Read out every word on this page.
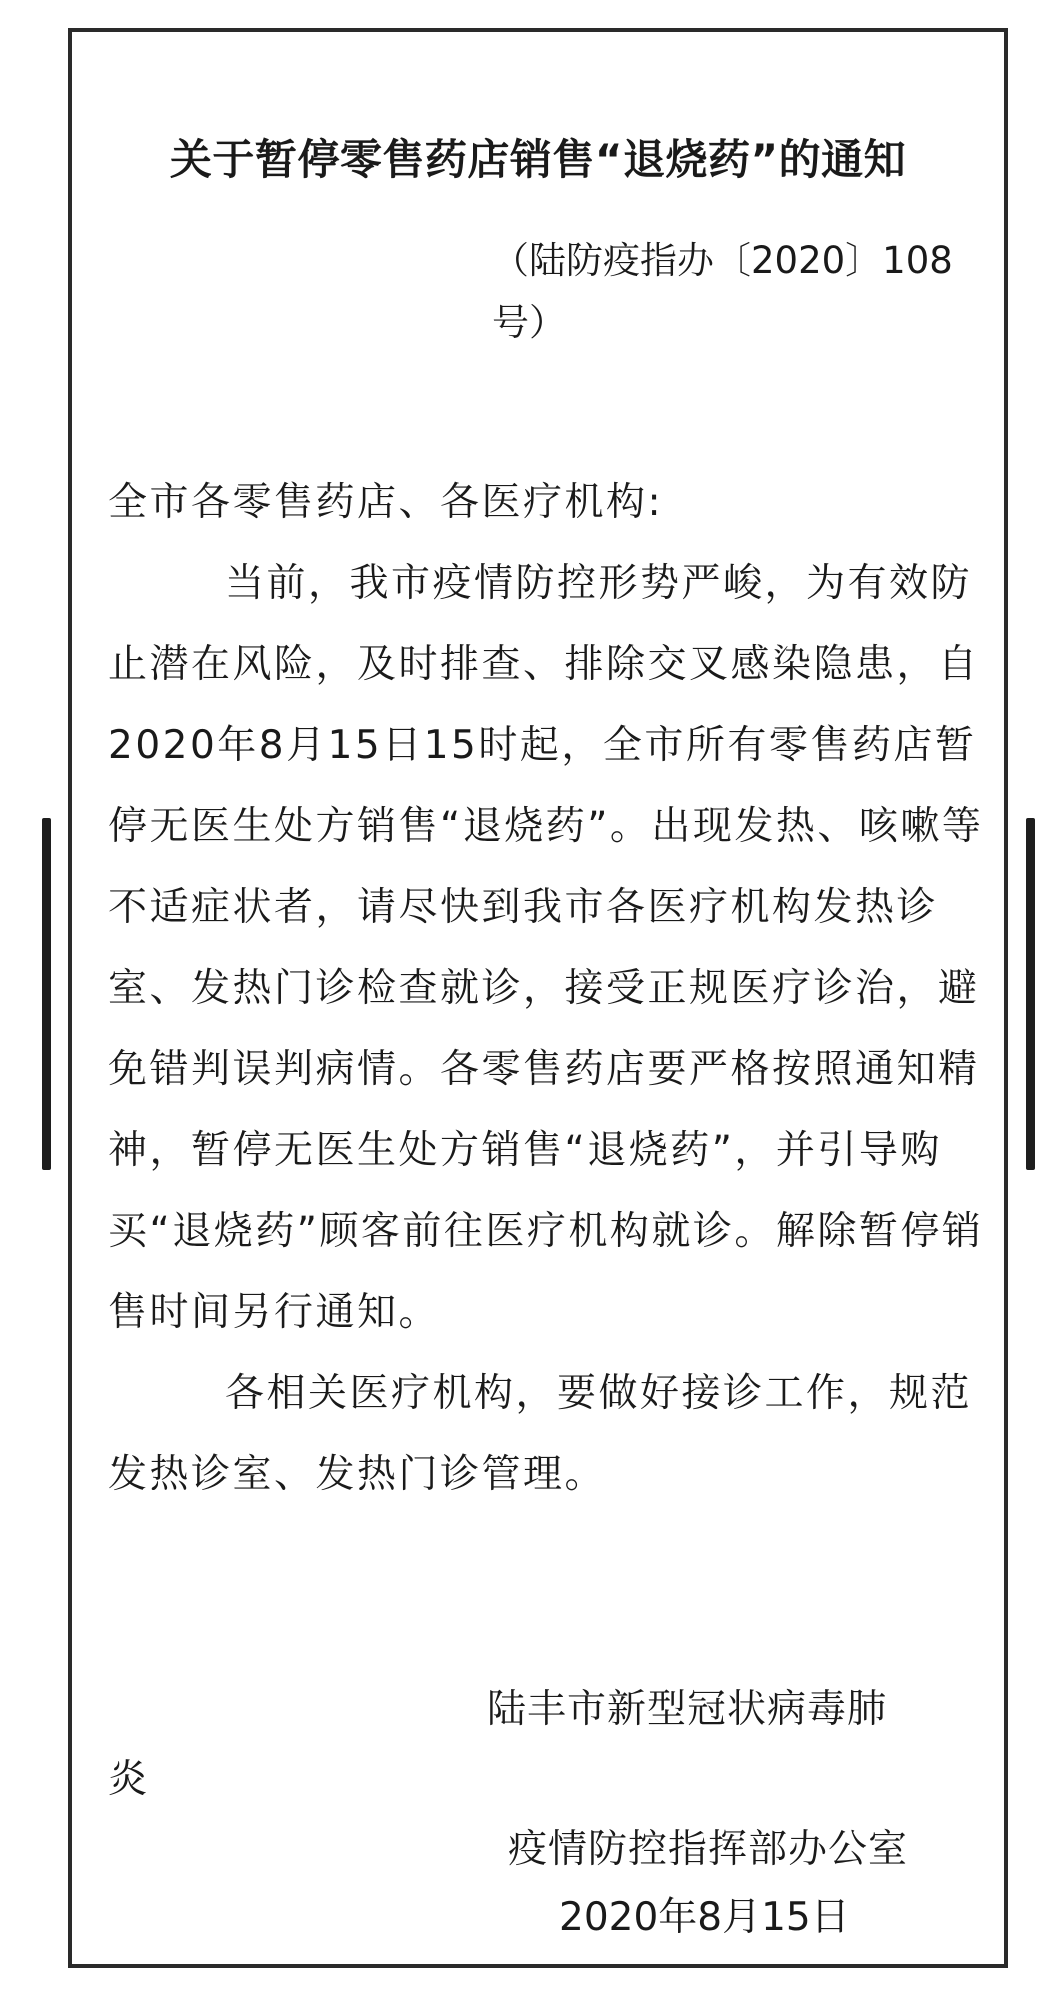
关于暂停零售药店销售“退烧药”的通知
（陆防疫指办〔2020〕108
号）

全市各零售药店、各医疗机构:

当前，我市疫情防控形势严峻，为有效防止潜在风险，及时排查、排除交叉感染隐患，自2020年8月15日15时起，全市所有零售药店暂停无医生处方销售“退烧药”。出现发热、咳嗽等不适症状者，请尽快到我市各医疗机构发热诊室、发热门诊检查就诊，接受正规医疗诊治，避免错判误判病情。各零售药店要严格按照通知精神，暂停无医生处方销售“退烧药”，并引导购买“退烧药”顾客前往医疗机构就诊。解除暂停销售时间另行通知。

各相关医疗机构，要做好接诊工作，规范发热诊室、发热门诊管理。

陆丰市新型冠状病毒肺

炎

疫情防控指挥部办公室

2020年8月15日
